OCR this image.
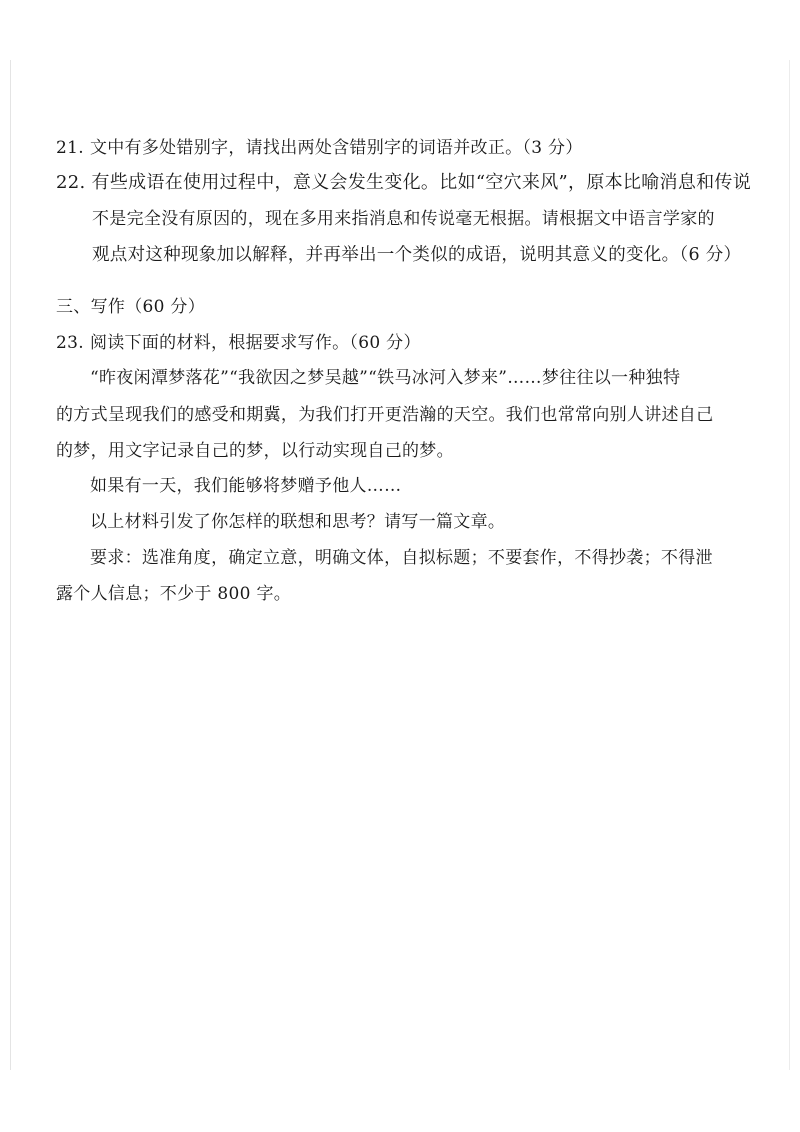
21. 文中有多处错别字，请找出两处含错别字的词语并改正。（3 分）
22. 有些成语在使用过程中，意义会发生变化。比如“空穴来风”，原本比喻消息和传说
不是完全没有原因的，现在多用来指消息和传说毫无根据。请根据文中语言学家的
观点对这种现象加以解释，并再举出一个类似的成语，说明其意义的变化。（6 分）
三、写作（60 分）
23. 阅读下面的材料，根据要求写作。（60 分）
“昨夜闲潭梦落花”“我欲因之梦吴越”“铁马冰河入梦来”……梦往往以一种独特
的方式呈现我们的感受和期冀，为我们打开更浩瀚的天空。我们也常常向别人讲述自己
的梦，用文字记录自己的梦，以行动实现自己的梦。
如果有一天，我们能够将梦赠予他人……
以上材料引发了你怎样的联想和思考？请写一篇文章。
要求：选准角度，确定立意，明确文体，自拟标题；不要套作，不得抄袭；不得泄
露个人信息；不少于 800 字。
